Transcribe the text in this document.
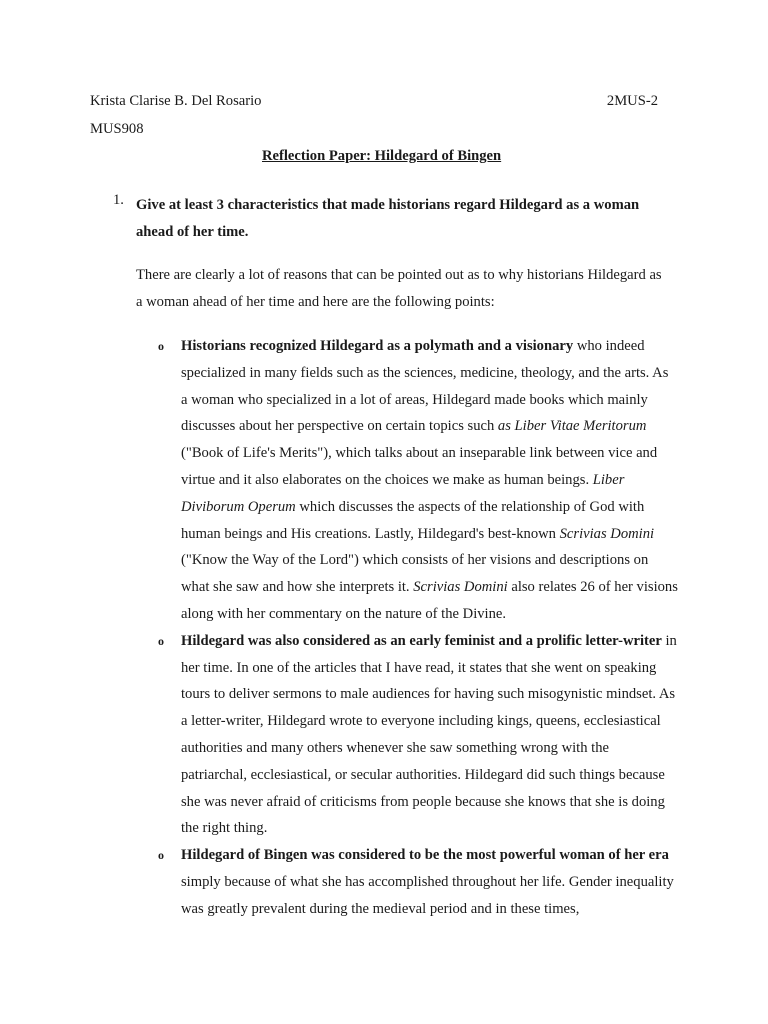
Krista Clarise B. Del Rosario	2MUS-2
MUS908
Reflection Paper: Hildegard of Bingen
1. Give at least 3 characteristics that made historians regard Hildegard as a woman ahead of her time.
There are clearly a lot of reasons that can be pointed out as to why historians Hildegard as a woman ahead of her time and here are the following points:
o Historians recognized Hildegard as a polymath and a visionary who indeed specialized in many fields such as the sciences, medicine, theology, and the arts. As a woman who specialized in a lot of areas, Hildegard made books which mainly discusses about her perspective on certain topics such as Liber Vitae Meritorum ("Book of Life's Merits"), which talks about an inseparable link between vice and virtue and it also elaborates on the choices we make as human beings. Liber Diviborum Operum which discusses the aspects of the relationship of God with human beings and His creations. Lastly, Hildegard's best-known Scrivias Domini ("Know the Way of the Lord") which consists of her visions and descriptions on what she saw and how she interprets it. Scrivias Domini also relates 26 of her visions along with her commentary on the nature of the Divine.
o Hildegard was also considered as an early feminist and a prolific letter-writer in her time. In one of the articles that I have read, it states that she went on speaking tours to deliver sermons to male audiences for having such misogynistic mindset. As a letter-writer, Hildegard wrote to everyone including kings, queens, ecclesiastical authorities and many others whenever she saw something wrong with the patriarchal, ecclesiastical, or secular authorities. Hildegard did such things because she was never afraid of criticisms from people because she knows that she is doing the right thing.
o Hildegard of Bingen was considered to be the most powerful woman of her era simply because of what she has accomplished throughout her life. Gender inequality was greatly prevalent during the medieval period and in these times,
